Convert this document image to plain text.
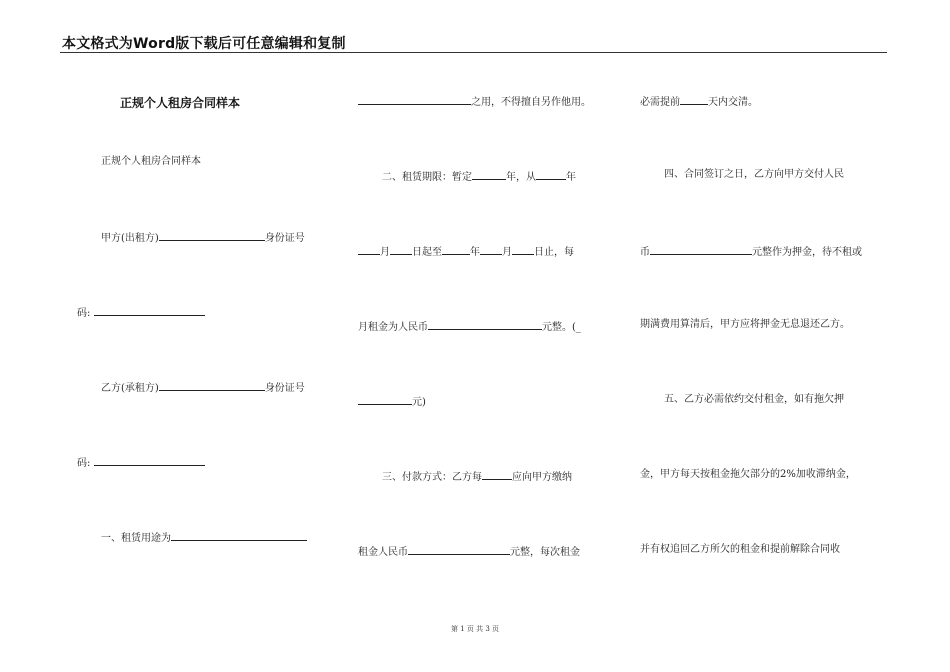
本文格式为Word版下载后可任意编辑和复制
正规个人租房合同样本
正规个人租房合同样本
甲方(出租方)	身份证号
码:
乙方(承租方)	身份证号
码:
一、租赁用途为
之用，不得擅自另作他用。
二、租赁期限：暂定	年，从	年
月 日起至	年 月 日止，每
月租金为人民币	元整。(_
元)
三、付款方式：乙方每	应向甲方缴纳
租金人民币	元整，每次租金
必需提前	天内交清。
四、合同签订之日，乙方向甲方交付人民
币	元整作为押金，待不租或
期满费用算清后，甲方应将押金无息退还乙方。
五、乙方必需依约交付租金，如有拖欠押
金，甲方每天按租金拖欠部分的2%加收滞纳金，
并有权追回乙方所欠的租金和提前解除合同收
第 1 页 共 3 页
